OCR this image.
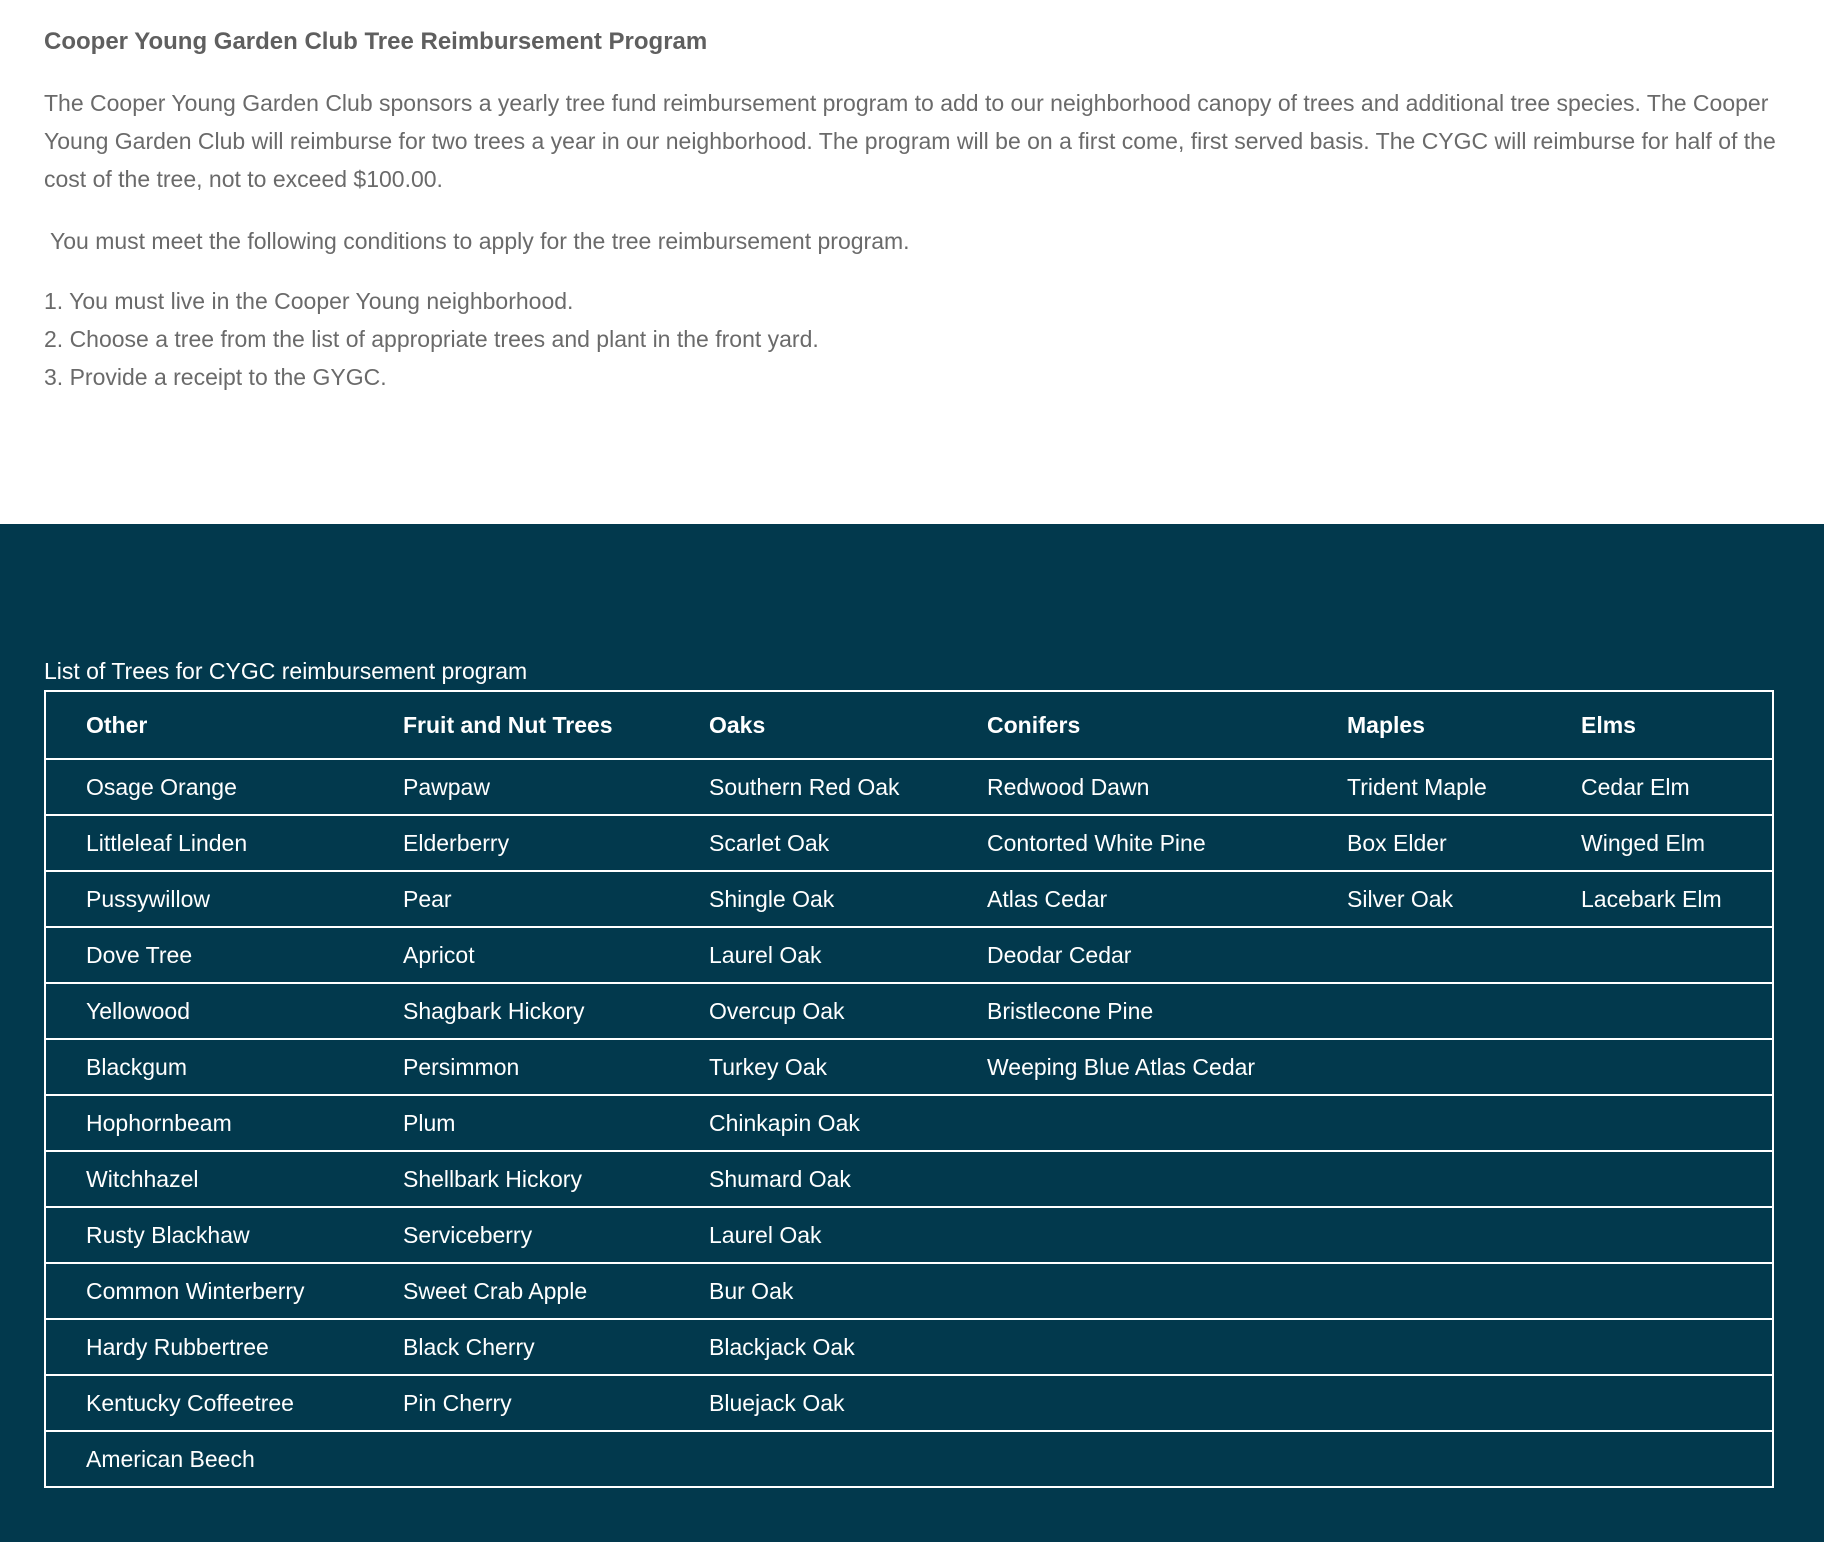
Cooper Young Garden Club Tree Reimbursement Program

The Cooper Young Garden Club sponsors a yearly tree fund reimbursement program to add to our neighborhood canopy of trees and additional tree species. The Cooper Young Garden Club will reimburse for two trees a year in our neighborhood. The program will be on a first come, first served basis. The CYGC will reimburse for half of the cost of the tree, not to exceed $100.00.

You must meet the following conditions to apply for the tree reimbursement program.

1. You must live in the Cooper Young neighborhood.
2. Choose a tree from the list of appropriate trees and plant in the front yard.
3. Provide a receipt to the GYGC.
List of Trees for CYGC reimbursement program
Other	Fruit and Nut Trees	Oaks	Conifers	Maples	Elms
Osage Orange	Pawpaw	Southern Red Oak	Redwood Dawn	Trident Maple	Cedar Elm
Littleleaf Linden	Elderberry	Scarlet Oak	Contorted White Pine	Box Elder	Winged Elm
Pussywillow	Pear	Shingle Oak	Atlas Cedar	Silver Oak	Lacebark Elm
Dove Tree	Apricot	Laurel Oak	Deodar Cedar		
Yellowood	Shagbark Hickory	Overcup Oak	Bristlecone Pine		
Blackgum	Persimmon	Turkey Oak	Weeping Blue Atlas Cedar		
Hophornbeam	Plum	Chinkapin Oak			
Witchhazel	Shellbark Hickory	Shumard Oak			
Rusty Blackhaw	Serviceberry	Laurel Oak			
Common Winterberry	Sweet Crab Apple	Bur Oak			
Hardy Rubbertree	Black Cherry	Blackjack Oak			
Kentucky Coffeetree	Pin Cherry	Bluejack Oak			
American Beech					
